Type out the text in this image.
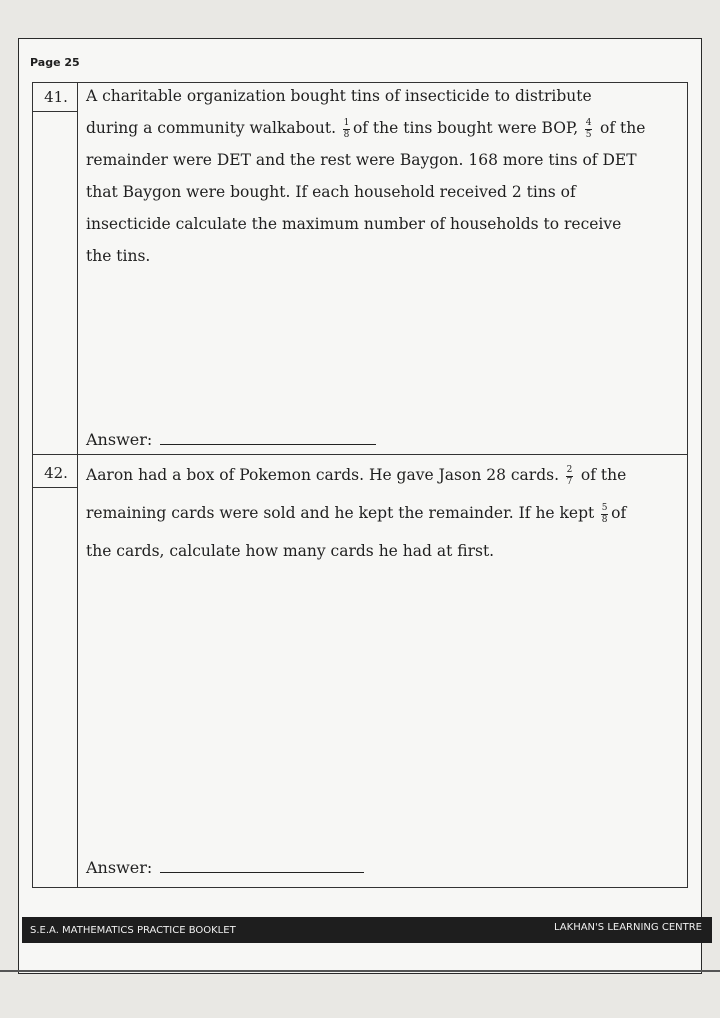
Page 25
41.	A charitable organization bought tins of insecticide to distribute
during a community walkabout. $\frac{1}{8}$ of the tins bought were BOP, $\frac{4}{5}$ of the
remainder were DET and the rest were Baygon. 168 more tins of DET
that Baygon were bought. If each household received 2 tins of
insecticide calculate the maximum number of households to receive
the tins.
Answer:
42.	Aaron had a box of Pokemon cards. He gave Jason 28 cards. $\frac{2}{7}$ of the
remaining cards were sold and he kept the remainder. If he kept $\frac{5}{8}$ of
the cards, calculate how many cards he had at first.
Answer:
S.E.A. MATHEMATICS PRACTICE BOOKLET	LAKHAN'S LEARNING CENTRE
